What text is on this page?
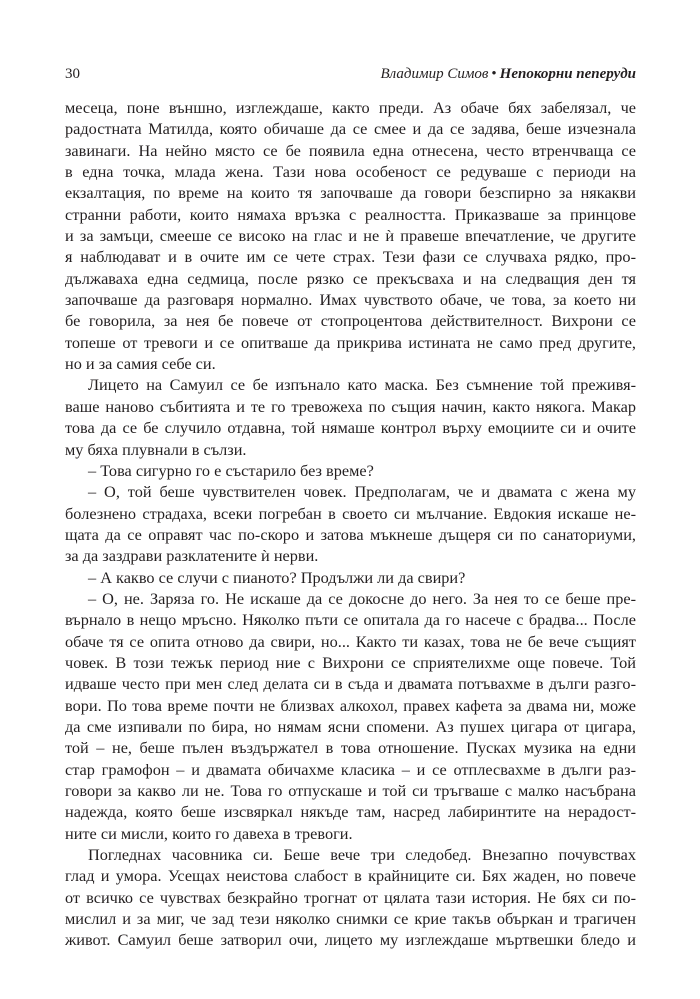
30	Владимир Симов • Непокорни пеперуди
месеца, поне външно, изглеждаше, както преди. Аз обаче бях забелязал, че
радостната Матилда, която обичаше да се смее и да се задява, беше изчезнала
завинаги. На нейно място се бе появила една отнесена, често втренчваща се
в една точка, млада жена. Тази нова особеност се редуваше с периоди на
екзалтация, по време на които тя започваше да говори безспирно за някакви
странни работи, които нямаха връзка с реалността. Приказваше за принцове
и за замъци, смееше се високо на глас и не ѝ правеше впечатление, че другите
я наблюдават и в очите им се чете страх. Тези фази се случваха рядко, про-
дължаваха една седмица, после рязко се прекъсваха и на следващия ден тя
започваше да разговаря нормално. Имах чувството обаче, че това, за което ни
бе говорила, за нея бе повече от стопроцентова действителност. Вихрони се
топеше от тревоги и се опитваше да прикрива истината не само пред другите,
но и за самия себе си.
Лицето на Самуил се бе изпънало като маска. Без съмнение той преживя-
ваше наново събитията и те го тревожеха по същия начин, както някога. Макар
това да се бе случило отдавна, той нямаше контрол върху емоциите си и очите
му бяха плувнали в сълзи.
– Това сигурно го е състарило без време?
– О, той беше чувствителен човек. Предполагам, че и двамата с жена му
болезнено страдаха, всеки погребан в своето си мълчание. Евдокия искаше не-
щата да се оправят час по-скоро и затова мъкнеше дъщеря си по санаториуми,
за да заздрави разклатените ѝ нерви.
– А какво се случи с пианото? Продължи ли да свири?
– О, не. Заряза го. Не искаше да се докосне до него. За нея то се беше пре-
върнало в нещо мръсно. Няколко пъти се опитала да го насече с брадва... После
обаче тя се опита отново да свири, но... Както ти казах, това не бе вече същият
човек. В този тежък период ние с Вихрони се сприятелихме още повече. Той
идваше често при мен след делата си в съда и двамата потъвахме в дълги разго-
вори. По това време почти не близвах алкохол, правех кафета за двама ни, може
да сме изпивали по бира, но нямам ясни спомени. Аз пушех цигара от цигара,
той – не, беше пълен въздържател в това отношение. Пусках музика на едни
стар грамофон – и двамата обичахме класика – и се отплесвахме в дълги раз-
говори за какво ли не. Това го отпускаше и той си тръгваше с малко насъбрана
надежда, която беше изсвяркал някъде там, насред лабиринтите на нерадост-
ните си мисли, които го давеха в тревоги.
Погледнах часовника си. Беше вече три следобед. Внезапно почувствах
глад и умора. Усещах неистова слабост в крайниците си. Бях жаден, но повече
от всичко се чувствах безкрайно трогнат от цялата тази история. Не бях си по-
мислил и за миг, че зад тези няколко снимки се крие такъв объркан и трагичен
живот. Самуил беше затворил очи, лицето му изглеждаше мъртвешки бледо и
